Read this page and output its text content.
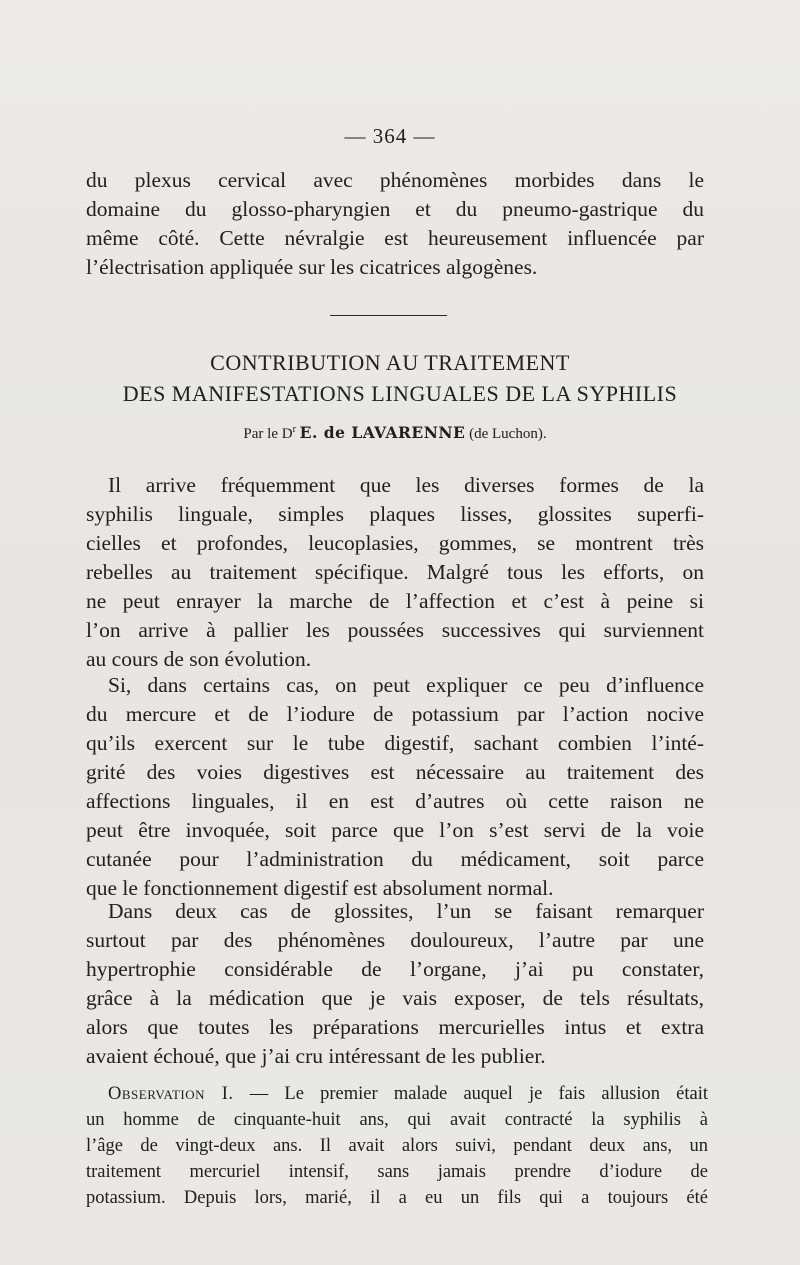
— 364 —
du plexus cervical avec phénomènes morbides dans le
domaine du glosso-pharyngien et du pneumo-gastrique du
même côté. Cette névralgie est heureusement influencée par
l’électrisation appliquée sur les cicatrices algogènes.
CONTRIBUTION AU TRAITEMENT
DES MANIFESTATIONS LINGUALES DE LA SYPHILIS
Par le $D^r$ E. de LAVARENNE (de Luchon).
Il arrive fréquemment que les diverses formes de la
syphilis linguale, simples plaques lisses, glossites superfi-
cielles et profondes, leucoplasies, gommes, se montrent très
rebelles au traitement spécifique. Malgré tous les efforts, on
ne peut enrayer la marche de l’affection et c’est à peine si
l’on arrive à pallier les poussées successives qui surviennent
au cours de son évolution.
Si, dans certains cas, on peut expliquer ce peu d’influence
du mercure et de l’iodure de potassium par l’action nocive
qu’ils exercent sur le tube digestif, sachant combien l’inté-
grité des voies digestives est nécessaire au traitement des
affections linguales, il en est d’autres où cette raison ne
peut être invoquée, soit parce que l’on s’est servi de la voie
cutanée pour l’administration du médicament, soit parce
que le fonctionnement digestif est absolument normal.
Dans deux cas de glossites, l’un se faisant remarquer
surtout par des phénomènes douloureux, l’autre par une
hypertrophie considérable de l’organe, j’ai pu constater,
grâce à la médication que je vais exposer, de tels résultats,
alors que toutes les préparations mercurielles intus et extra
avaient échoué, que j’ai cru intéressant de les publier.
Observation I. — Le premier malade auquel je fais allusion était
un homme de cinquante-huit ans, qui avait contracté la syphilis à
l’âge de vingt-deux ans. Il avait alors suivi, pendant deux ans, un
traitement mercuriel intensif, sans jamais prendre d’iodure de
potassium. Depuis lors, marié, il a eu un fils qui a toujours été
